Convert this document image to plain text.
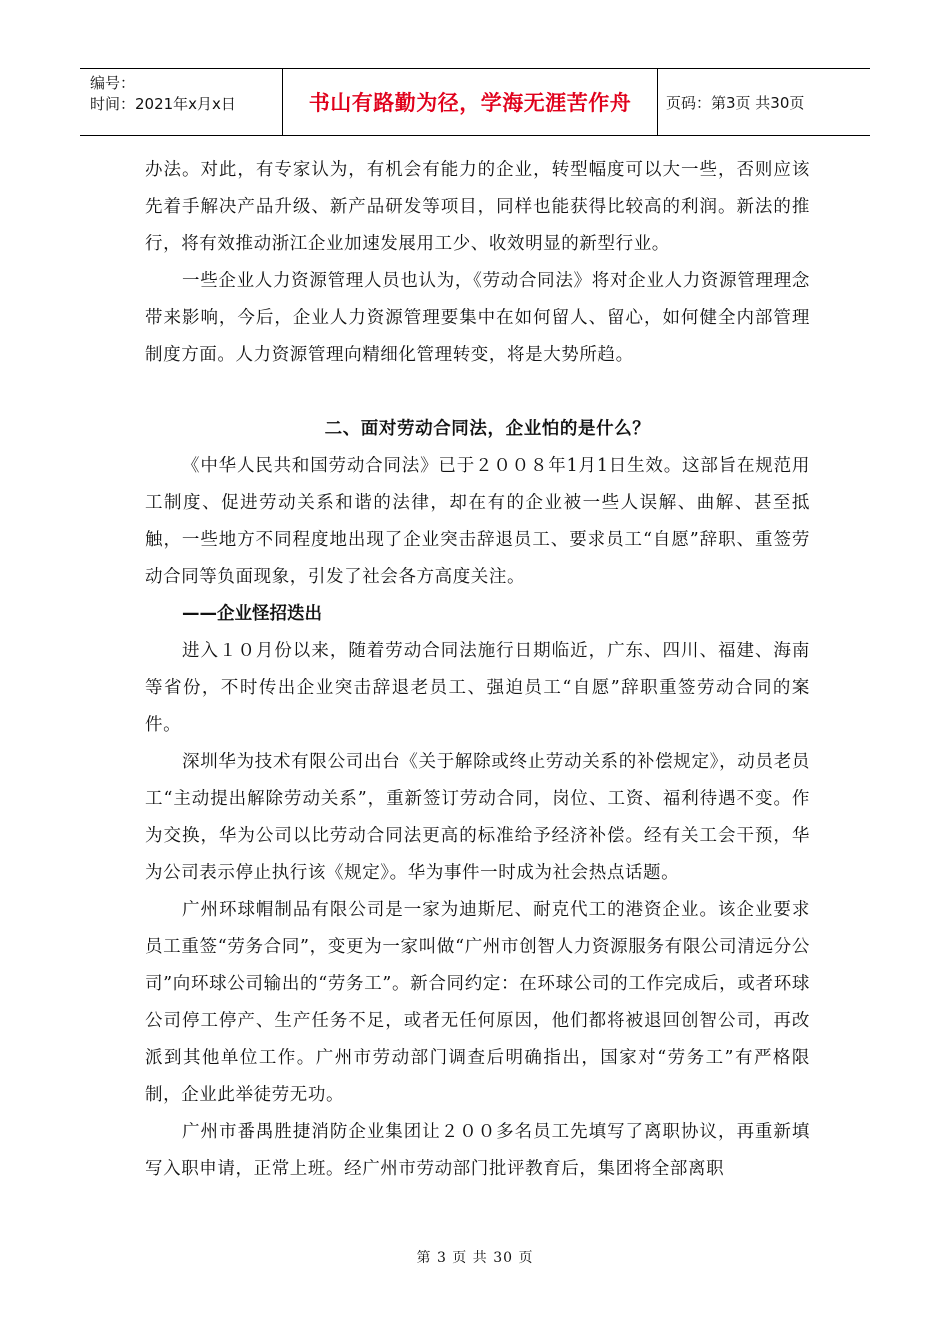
编号：
时间：2021年x月x日	书山有路勤为径，学海无涯苦作舟	页码：第3页 共30页

办法。对此，有专家认为，有机会有能力的企业，转型幅度可以大一些，否则应该先着手解决产品升级、新产品研发等项目，同样也能获得比较高的利润。新法的推行，将有效推动浙江企业加速发展用工少、收效明显的新型行业。

一些企业人力资源管理人员也认为，《劳动合同法》将对企业人力资源管理理念带来影响，今后，企业人力资源管理要集中在如何留人、留心，如何健全内部管理制度方面。人力资源管理向精细化管理转变，将是大势所趋。

二、面对劳动合同法，企业怕的是什么？

《中华人民共和国劳动合同法》已于２００８年1月1日生效。这部旨在规范用工制度、促进劳动关系和谐的法律，却在有的企业被一些人误解、曲解、甚至抵触，一些地方不同程度地出现了企业突击辞退员工、要求员工“自愿”辞职、重签劳动合同等负面现象，引发了社会各方高度关注。

——企业怪招迭出

进入１０月份以来，随着劳动合同法施行日期临近，广东、四川、福建、海南等省份，不时传出企业突击辞退老员工、强迫员工“自愿”辞职重签劳动合同的案件。

深圳华为技术有限公司出台《关于解除或终止劳动关系的补偿规定》，动员老员工“主动提出解除劳动关系”，重新签订劳动合同，岗位、工资、福利待遇不变。作为交换，华为公司以比劳动合同法更高的标准给予经济补偿。经有关工会干预，华为公司表示停止执行该《规定》。华为事件一时成为社会热点话题。

广州环球帽制品有限公司是一家为迪斯尼、耐克代工的港资企业。该企业要求员工重签“劳务合同”，变更为一家叫做“广州市创智人力资源服务有限公司清远分公司”向环球公司输出的“劳务工”。新合同约定：在环球公司的工作完成后，或者环球公司停工停产、生产任务不足，或者无任何原因，他们都将被退回创智公司，再改派到其他单位工作。广州市劳动部门调查后明确指出，国家对“劳务工”有严格限制，企业此举徒劳无功。

广州市番禺胜捷消防企业集团让２００多名员工先填写了离职协议，再重新填写入职申请，正常上班。经广州市劳动部门批评教育后，集团将全部离职

第 3 页 共 30 页
